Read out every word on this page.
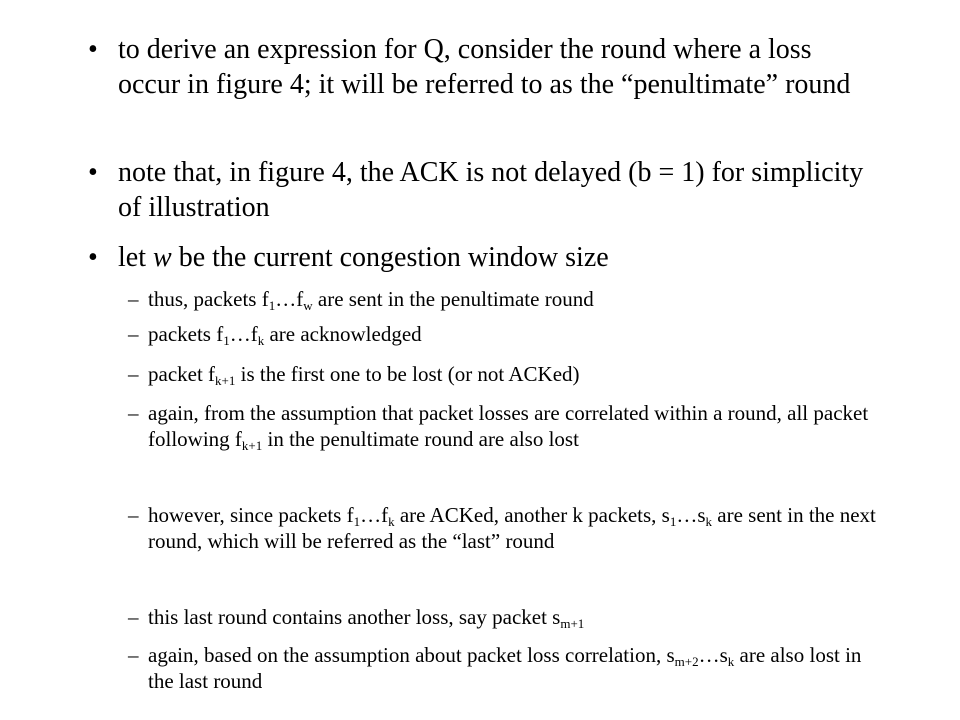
• to derive an expression for Q, consider the round where a loss occur in figure 4; it will be referred to as the “penultimate” round
• note that, in figure 4, the ACK is not delayed (b = 1) for simplicity of illustration
• let w be the current congestion window size
– thus, packets $f_1\dots f_w$ are sent in the penultimate round
– packets $f_1\dots f_k$ are acknowledged
– packet $f_{k+1}$ is the first one to be lost (or not ACKed)
– again, from the assumption that packet losses are correlated within a round, all packet following $f_{k+1}$ in the penultimate round are also lost
– however, since packets $f_1\dots f_k$ are ACKed, another k packets, $s_1\dots s_k$ are sent in the next round, which will be referred as the “last” round
– this last round contains another loss, say packet $s_{m+1}$
– again, based on the assumption about packet loss correlation, $s_{m+2}\dots s_k$ are also lost in the last round
